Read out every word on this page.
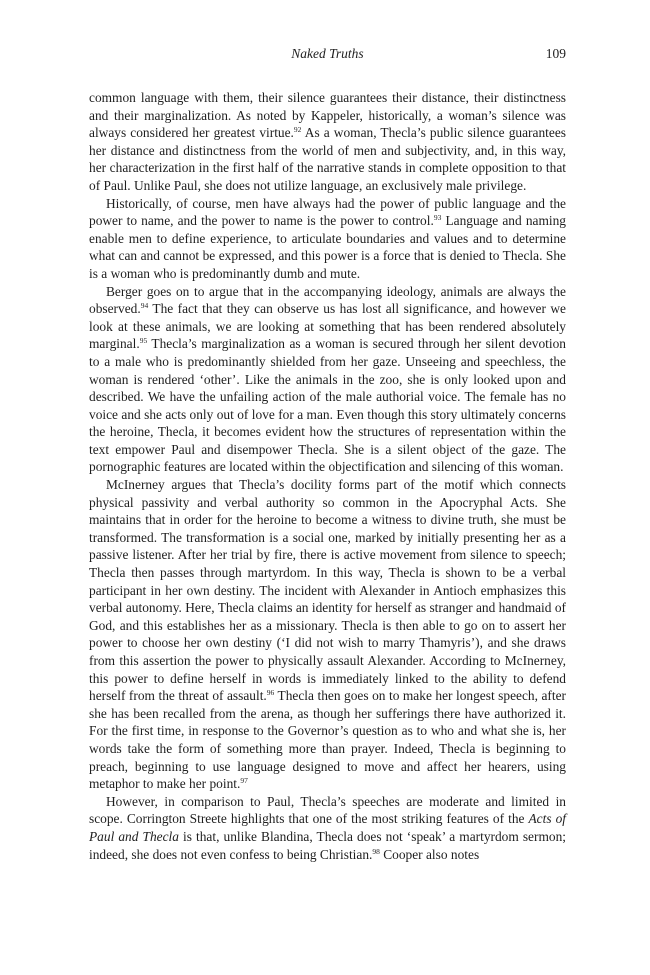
Naked Truths	109

common language with them, their silence guarantees their distance, their distinctness and their marginalization. As noted by Kappeler, historically, a woman’s silence was always considered her greatest virtue.$^{92}$ As a woman, Thecla’s public silence guarantees her distance and distinctness from the world of men and subjectivity, and, in this way, her characterization in the first half of the narrative stands in complete opposition to that of Paul. Unlike Paul, she does not utilize language, an exclusively male privilege.

Historically, of course, men have always had the power of public language and the power to name, and the power to name is the power to control.$^{93}$ Language and naming enable men to define experience, to articulate boundaries and values and to determine what can and cannot be expressed, and this power is a force that is denied to Thecla. She is a woman who is predominantly dumb and mute.

Berger goes on to argue that in the accompanying ideology, animals are always the observed.$^{94}$ The fact that they can observe us has lost all significance, and however we look at these animals, we are looking at something that has been rendered absolutely marginal.$^{95}$ Thecla’s marginalization as a woman is secured through her silent devotion to a male who is predominantly shielded from her gaze. Unseeing and speechless, the woman is rendered ‘other’. Like the animals in the zoo, she is only looked upon and described. We have the unfailing action of the male authorial voice. The female has no voice and she acts only out of love for a man. Even though this story ultimately concerns the heroine, Thecla, it becomes evident how the structures of representation within the text empower Paul and disempower Thecla. She is a silent object of the gaze. The pornographic features are located within the objectification and silencing of this woman.

McInerney argues that Thecla’s docility forms part of the motif which connects physical passivity and verbal authority so common in the Apocryphal Acts. She maintains that in order for the heroine to become a witness to divine truth, she must be transformed. The transformation is a social one, marked by initially presenting her as a passive listener. After her trial by fire, there is active movement from silence to speech; Thecla then passes through martyrdom. In this way, Thecla is shown to be a verbal participant in her own destiny. The incident with Alexander in Antioch emphasizes this verbal autonomy. Here, Thecla claims an identity for herself as stranger and handmaid of God, and this establishes her as a missionary. Thecla is then able to go on to assert her power to choose her own destiny (‘I did not wish to marry Thamyris’), and she draws from this assertion the power to physically assault Alexander. According to McInerney, this power to define herself in words is immediately linked to the ability to defend herself from the threat of assault.$^{96}$ Thecla then goes on to make her longest speech, after she has been recalled from the arena, as though her sufferings there have authorized it. For the first time, in response to the Governor’s question as to who and what she is, her words take the form of something more than prayer. Indeed, Thecla is beginning to preach, beginning to use language designed to move and affect her hearers, using metaphor to make her point.$^{97}$

However, in comparison to Paul, Thecla’s speeches are moderate and limited in scope. Corrington Streete highlights that one of the most striking features of the Acts of Paul and Thecla is that, unlike Blandina, Thecla does not ‘speak’ a martyrdom sermon; indeed, she does not even confess to being Christian.$^{98}$ Cooper also notes
